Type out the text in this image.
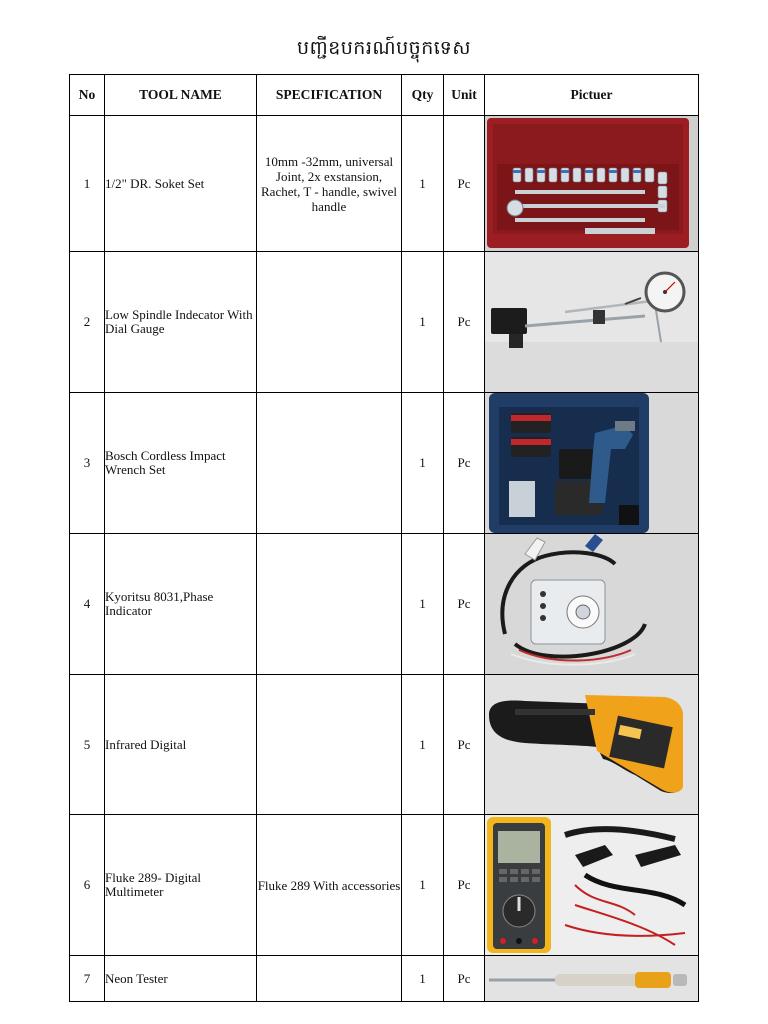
បញ្ជីឧបករណ៍បច្ចុកទេស
No	TOOL NAME	SPECIFICATION	Qty	Unit	Pictuer
1	1/2" DR. Soket Set	10mm -32mm, universal Joint, 2x exstansion, Rachet, T - handle, swivel handle	1	Pc	

2	Low Spindle Indecator With Dial Gauge		1	Pc	

3	Bosch Cordless Impact Wrench Set		1	Pc	

4	Kyoritsu 8031,Phase Indicator		1	Pc	

5	Infrared Digital		1	Pc	

6	Fluke 289- Digital Multimeter	Fluke 289 With accessories	1	Pc	

7	Neon Tester		1	Pc	
